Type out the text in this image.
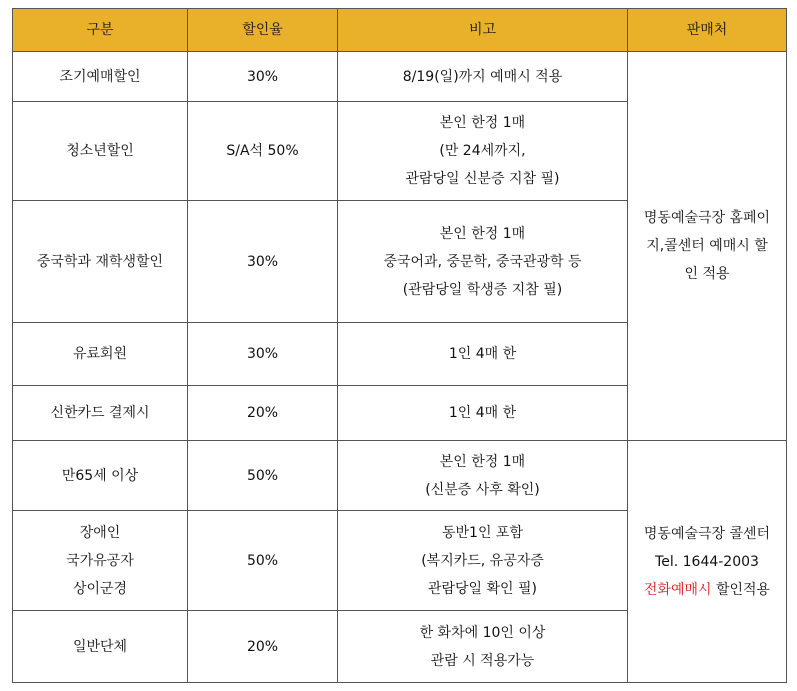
구분	할인율	비고	판매처

조기예매할인	30%	8/19(일)까지 예매시 적용	명동예술극장 홈페이
지,콜센터 예매시 할
인 적용

청소년할인	S/A석 50%	본인 한정 1매
(만 24세까지,
관람당일 신분증 지참 필)	

중국학과 재학생할인	30%	본인 한정 1매
중국어과, 중문학, 중국관광학 등
(관람당일 학생증 지참 필)	

유료회원	30%	1인 4매 한	

신한카드 결제시	20%	1인 4매 한	

만65세 이상	50%	본인 한정 1매
(신분증 사후 확인)	명동예술극장 콜센터
Tel. 1644-2003
전화예매시 할인적용

장애인
국가유공자
상이군경	50%	동반1인 포함
(복지카드, 유공자증
관람당일 확인 필)	

일반단체	20%	한 화차에 10인 이상
관람 시 적용가능	
